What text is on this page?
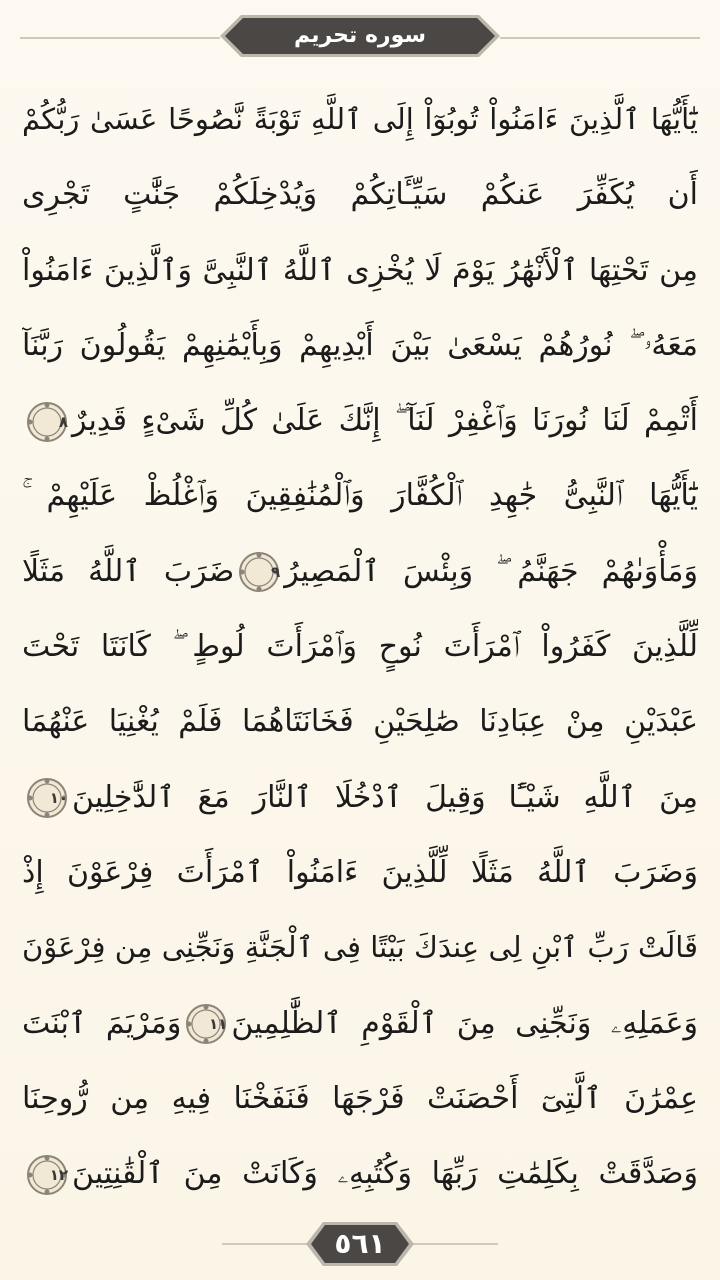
سوره تحریم
يَٰٓأَيُّهَا ٱلَّذِينَ ءَامَنُواْ تُوبُوٓاْ إِلَى ٱللَّهِ تَوْبَةً نَّصُوحًا عَسَىٰ رَبُّكُمْ
أَن يُكَفِّرَ عَنكُمْ سَيِّـَٔاتِكُمْ وَيُدْخِلَكُمْ جَنَّٰتٍ تَجْرِى
مِن تَحْتِهَا ٱلْأَنْهَٰرُ يَوْمَ لَا يُخْزِى ٱللَّهُ ٱلنَّبِىَّ وَٱلَّذِينَ ءَامَنُواْ
مَعَهُۥ ۖ نُورُهُمْ يَسْعَىٰ بَيْنَ أَيْدِيهِمْ وَبِأَيْمَٰنِهِمْ يَقُولُونَ رَبَّنَآ
أَتْمِمْ لَنَا نُورَنَا وَٱغْفِرْ لَنَآ ۖ إِنَّكَ عَلَىٰ كُلِّ شَىْءٍ قَدِيرٌ
٨
يَٰٓأَيُّهَا ٱلنَّبِىُّ جَٰهِدِ ٱلْكُفَّارَ وَٱلْمُنَٰفِقِينَ وَٱغْلُظْ عَلَيْهِمْ ۚ
وَمَأْوَىٰهُمْ جَهَنَّمُ ۖ وَبِئْسَ ٱلْمَصِيرُ
٩
ضَرَبَ ٱللَّهُ مَثَلًا
لِّلَّذِينَ كَفَرُواْ ٱمْرَأَتَ نُوحٍ وَٱمْرَأَتَ لُوطٍ ۖ كَانَتَا تَحْتَ
عَبْدَيْنِ مِنْ عِبَادِنَا صَٰلِحَيْنِ فَخَانَتَاهُمَا فَلَمْ يُغْنِيَا عَنْهُمَا
مِنَ ٱللَّهِ شَيْـًٔا وَقِيلَ ٱدْخُلَا ٱلنَّارَ مَعَ ٱلدَّٰخِلِينَ
١٠
وَضَرَبَ ٱللَّهُ مَثَلًا لِّلَّذِينَ ءَامَنُواْ ٱمْرَأَتَ فِرْعَوْنَ إِذْ
قَالَتْ رَبِّ ٱبْنِ لِى عِندَكَ بَيْتًا فِى ٱلْجَنَّةِ وَنَجِّنِى مِن فِرْعَوْنَ
وَعَمَلِهِۦ وَنَجِّنِى مِنَ ٱلْقَوْمِ ٱلظَّٰلِمِينَ
١١
وَمَرْيَمَ ٱبْنَتَ
عِمْرَٰنَ ٱلَّتِىٓ أَحْصَنَتْ فَرْجَهَا فَنَفَخْنَا فِيهِ مِن رُّوحِنَا
وَصَدَّقَتْ بِكَلِمَٰتِ رَبِّهَا وَكُتُبِهِۦ وَكَانَتْ مِنَ ٱلْقَٰنِتِينَ
١٢
٥٦١
